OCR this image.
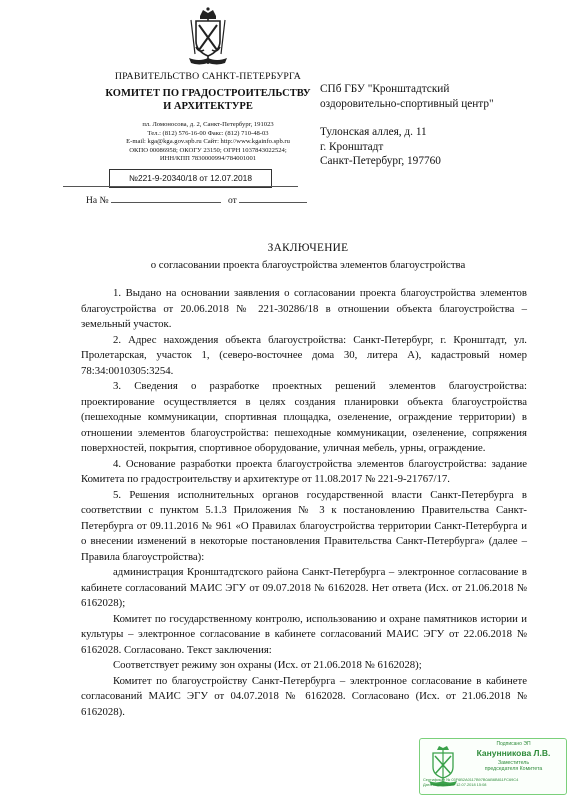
ПРАВИТЕЛЬСТВО САНКТ-ПЕТЕРБУРГА
КОМИТЕТ ПО ГРАДОСТРОИТЕЛЬСТВУ
И АРХИТЕКТУРЕ
пл. Ломоносова, д. 2, Санкт-Петербург, 191023
Тел.: (812) 576-16-00 Факс: (812) 710-48-03
E-mail: kga@kga.gov.spb.ru Сайт: http://www.kgainfo.spb.ru
ОКПО 00086958; ОКОГУ 23150; ОГРН 1037843022524;
ИНН/КПП 7830000994/784001001
№221-9-20340/18 от 12.07.2018
На №	от
СПб ГБУ "Кронштадтский
оздоровительно-спортивный центр"
Тулонская аллея, д. 11
г. Кронштадт
Санкт-Петербург, 197760
ЗАКЛЮЧЕНИЕ
о согласовании проекта благоустройства элементов благоустройства

1. Выдано на основании заявления о согласовании проекта благоустройства элементов благоустройства от 20.06.2018 № 221-30286/18 в отношении объекта благоустройства – земельный участок.

2. Адрес нахождения объекта благоустройства: Санкт-Петербург, г. Кронштадт, ул. Пролетарская, участок 1, (северо-восточнее дома 30, литера А), кадастровый номер 78:34:0010305:3254.

3. Сведения о разработке проектных решений элементов благоустройства: проектирование осуществляется в целях создания планировки объекта благоустройства (пешеходные коммуникации, спортивная площадка, озеленение, ограждение территории) в отношении элементов благоустройства: пешеходные коммуникации, озеленение, сопряжения поверхностей, покрытия, спортивное оборудование, уличная мебель, урны, ограждение.

4. Основание разработки проекта благоустройства элементов благоустройства: задание Комитета по градостроительству и архитектуре от 11.08.2017 № 221-9-21767/17.

5. Решения исполнительных органов государственной власти Санкт-Петербурга в соответствии с пунктом 5.1.3 Приложения № 3 к постановлению Правительства Санкт-Петербурга от 09.11.2016 № 961 «О Правилах благоустройства территории Санкт-Петербурга и о внесении изменений в некоторые постановления Правительства Санкт-Петербурга» (далее – Правила благоустройства):

администрация Кронштадтского района Санкт-Петербурга – электронное согласование в кабинете согласований МАИС ЭГУ от 09.07.2018 № 6162028. Нет ответа (Исх. от 21.06.2018 № 6162028);

Комитет по государственному контролю, использованию и охране памятников истории и культуры – электронное согласование в кабинете согласований МАИС ЭГУ от 22.06.2018 № 6162028. Согласовано. Текст заключения:

Соответствует режиму зон охраны (Исх. от 21.06.2018 № 6162028);

Комитет по благоустройству Санкт-Петербурга – электронное согласование в кабинете согласований МАИС ЭГУ от 04.07.2018 № 6162028. Согласовано (Исх. от 21.06.2018 № 6162028).

Подписано ЭП
Канунникова Л.В.
Заместитель
председателя Комитета
Сертификат № 03F6B2A0117B97B0AB6B811FC69C4
Дата подписания: 12.07.2018 15:08
